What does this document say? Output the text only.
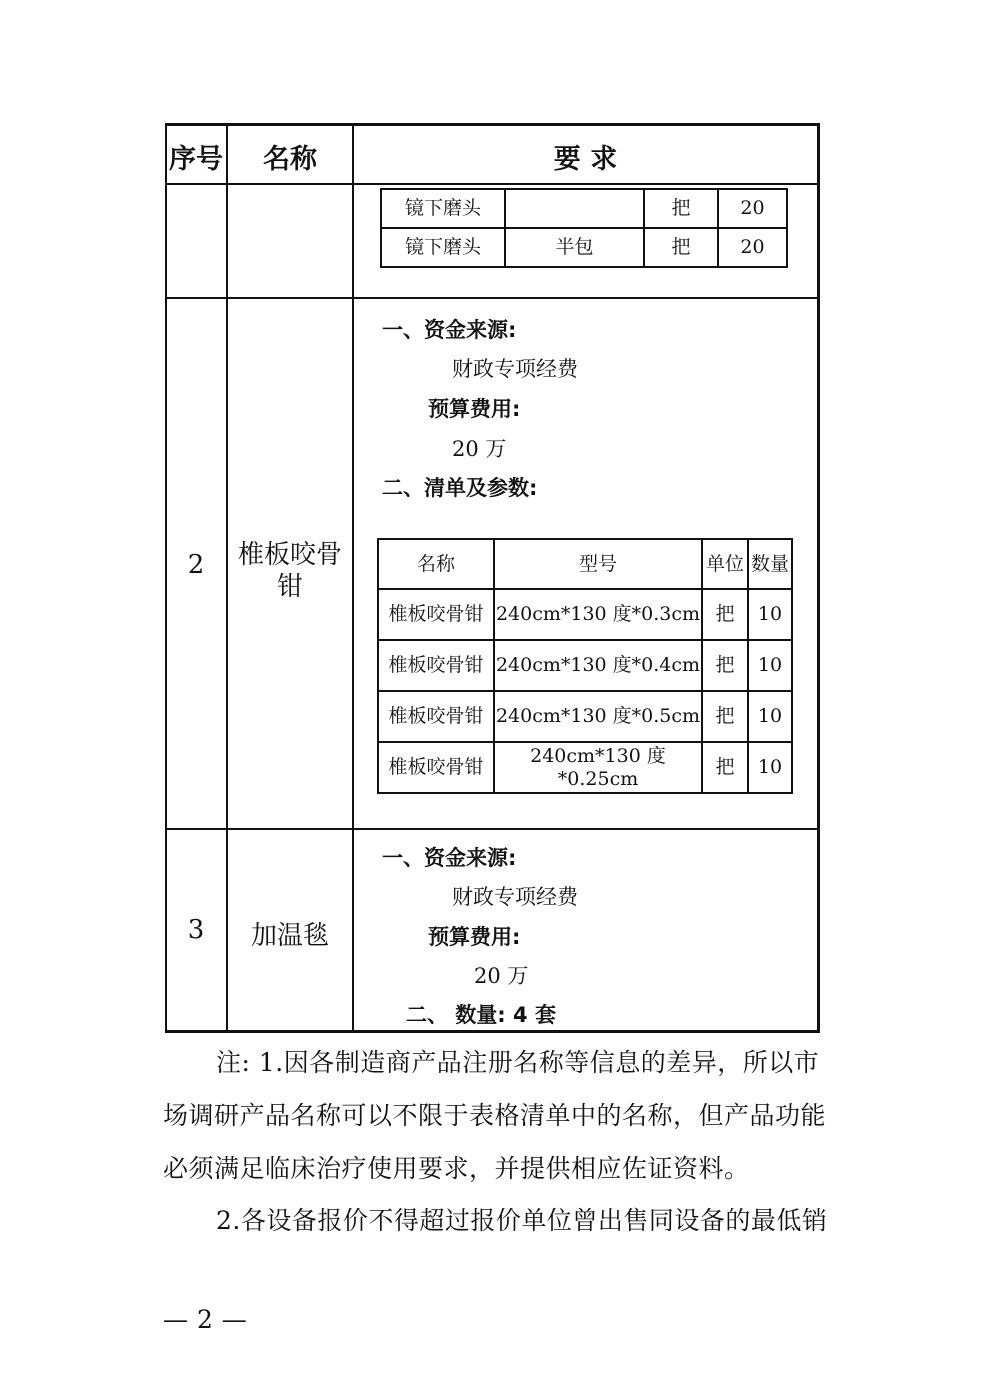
序号	名称	要 求
镜下磨头		把	20
镜下磨头	半包	把	20
2	椎板咬骨
钳
一、资金来源:
财政专项经费
预算费用:
20 万
二、清单及参数:
名称	型号	单位	数量
椎板咬骨钳	240cm*130 度*0.3cm	把	10
椎板咬骨钳	240cm*130 度*0.4cm	把	10
椎板咬骨钳	240cm*130 度*0.5cm	把	10
椎板咬骨钳	240cm*130 度*0.25cm	把	10
3	加温毯
一、资金来源:
财政专项经费
预算费用:
20 万
二、 数量: 4 套
注: 1.因各制造商产品注册名称等信息的差异，所以市
场调研产品名称可以不限于表格清单中的名称，但产品功能
必须满足临床治疗使用要求，并提供相应佐证资料。
2.各设备报价不得超过报价单位曾出售同设备的最低销
— 2 —
